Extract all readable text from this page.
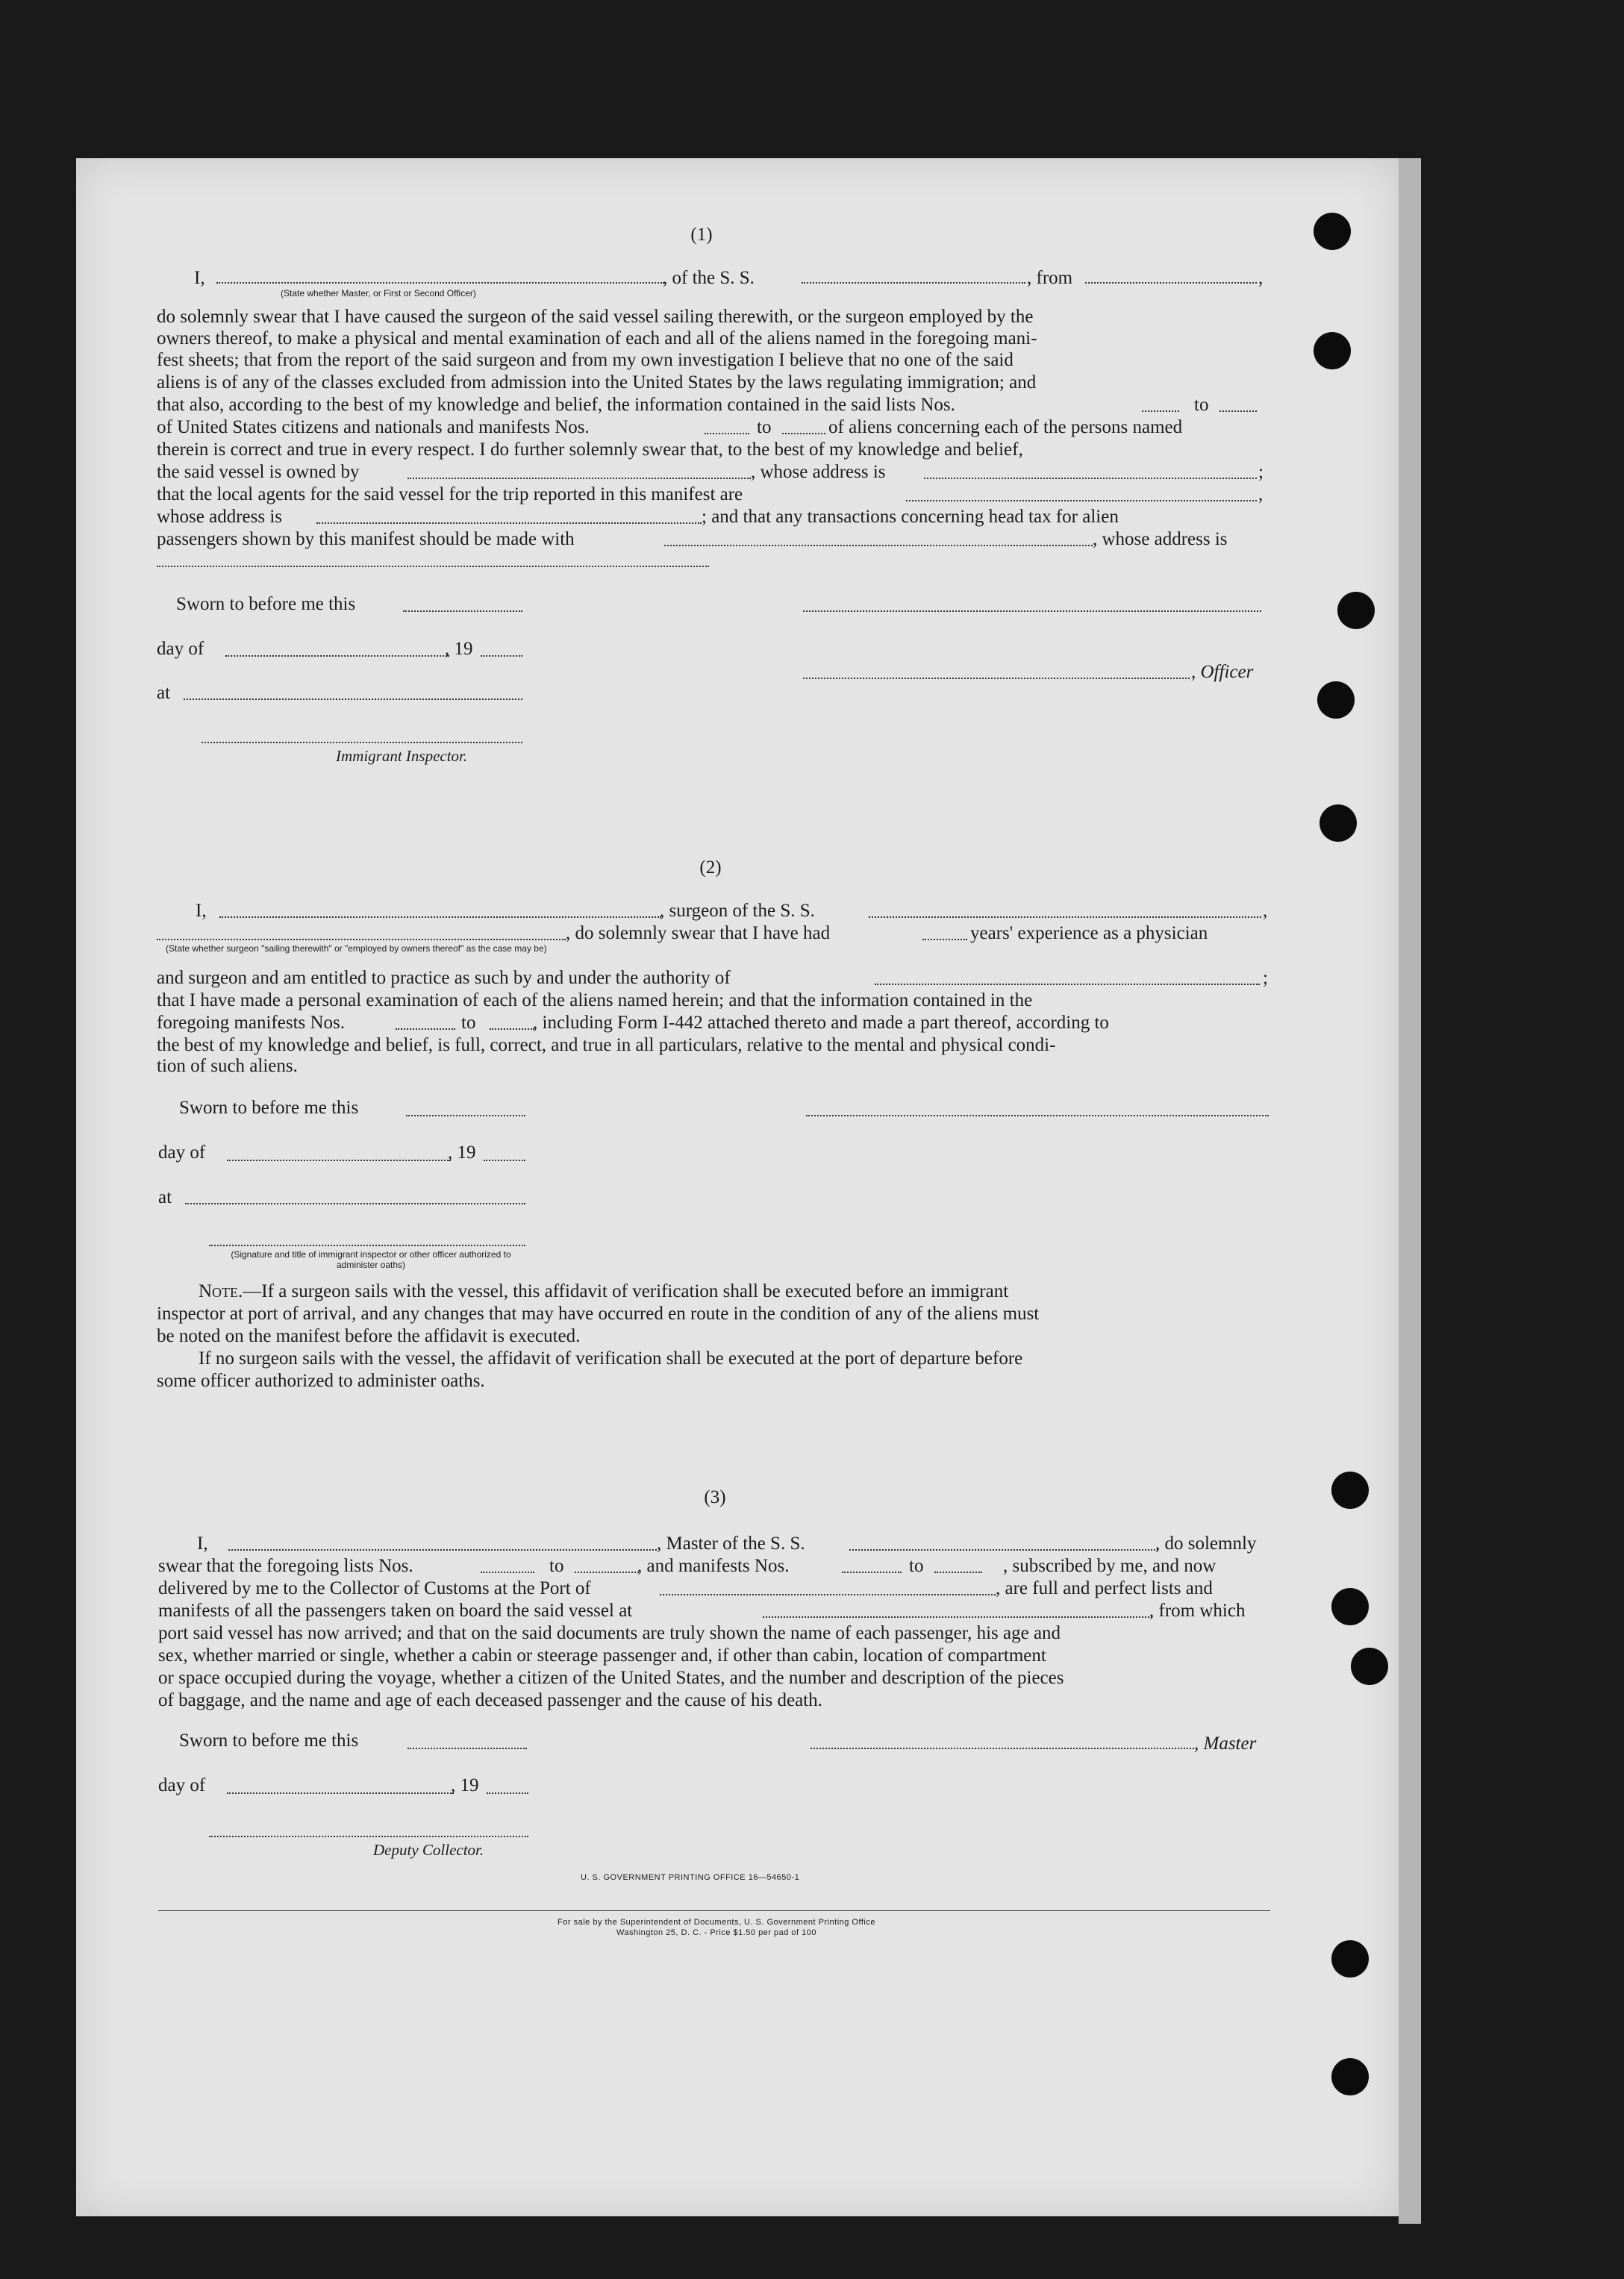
(1)
I,	, of the S. S.	, from	,
(State whether Master, or First or Second Officer)
do solemnly swear that I have caused the surgeon of the said vessel sailing therewith, or the surgeon employed by the
owners thereof, to make a physical and mental examination of each and all of the aliens named in the foregoing mani-
fest sheets; that from the report of the said surgeon and from my own investigation I believe that no one of the said
aliens is of any of the classes excluded from admission into the United States by the laws regulating immigration; and
that also, according to the best of my knowledge and belief, the information contained in the said lists Nos.	to
of United States citizens and nationals and manifests Nos.	to	of aliens concerning each of the persons named
therein is correct and true in every respect. I do further solemnly swear that, to the best of my knowledge and belief,
the said vessel is owned by	, whose address is	;
that the local agents for the said vessel for the trip reported in this manifest are	,
whose address is	; and that any transactions concerning head tax for alien
passengers shown by this manifest should be made with	, whose address is
Sworn to before me this
day of	, 19
, Officer
at
Immigrant Inspector.
(2)
I,	, surgeon of the S. S.	,
, do solemnly swear that I have had	years' experience as a physician
(State whether surgeon "sailing therewith" or "employed by owners thereof" as the case may be)
and surgeon and am entitled to practice as such by and under the authority of	;
that I have made a personal examination of each of the aliens named herein; and that the information contained in the
foregoing manifests Nos.	to	, including Form I-442 attached thereto and made a part thereof, according to
the best of my knowledge and belief, is full, correct, and true in all particulars, relative to the mental and physical condi-
tion of such aliens.
Sworn to before me this
day of	, 19
at
(Signature and title of immigrant inspector or other officer authorized to administer oaths)
Note.—If a surgeon sails with the vessel, this affidavit of verification shall be executed before an immigrant
inspector at port of arrival, and any changes that may have occurred en route in the condition of any of the aliens must
be noted on the manifest before the affidavit is executed.
If no surgeon sails with the vessel, the affidavit of verification shall be executed at the port of departure before
some officer authorized to administer oaths.
(3)
I,	, Master of the S. S.	, do solemnly
swear that the foregoing lists Nos.	to	, and manifests Nos.	to	, subscribed by me, and now
delivered by me to the Collector of Customs at the Port of	, are full and perfect lists and
manifests of all the passengers taken on board the said vessel at	, from which
port said vessel has now arrived; and that on the said documents are truly shown the name of each passenger, his age and
sex, whether married or single, whether a cabin or steerage passenger and, if other than cabin, location of compartment
or space occupied during the voyage, whether a citizen of the United States, and the number and description of the pieces
of baggage, and the name and age of each deceased passenger and the cause of his death.
Sworn to before me this	, Master
day of	, 19
Deputy Collector.
U. S. GOVERNMENT PRINTING OFFICE 16—54650-1
For sale by the Superintendent of Documents, U. S. Government Printing Office
Washington 25, D. C. - Price $1.50 per pad of 100
